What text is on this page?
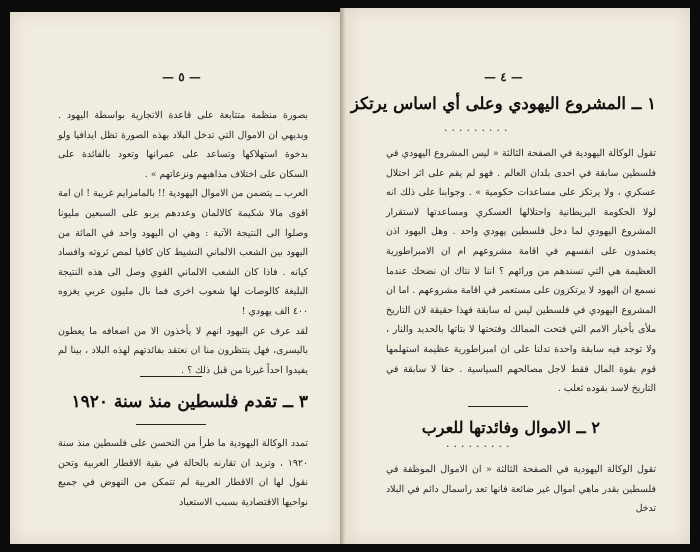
— ٥ —

بصورة منظمة متتابعة على قاعدة الاتجارية بواسطة اليهود . وبديهي ان الاموال التي تدخل البلاد بهذه الصورة تظل ايدافيا ولو بدخوة استهلاكها وتساعد على عمرانها وتعود بالفائدة على السكان على اختلاف مذاهبهم ونزعاتهم » .

العرب ــ يتضمن من الاموال اليهودية !! بالمامزايم غريبة ! ان امة اقوى مالا شكيمة كالالمان وعددهم يربو على السبعين مليونا وصلوا الى النتيجة الآتية : وهي ان اليهود واحد في المائة من اليهود بين الشعب الالماني النشيط كان كافيا لمص ثروته وافساد كيانه . فاذا كان الشعب الالماني القوي وصل الى هذه النتيجة البليغة كالوصات لها شعوب اخرى فما بال مليون عربي يغزوه ٤٠٠ الف يهودي !

لقد عرف عن اليهود انهم لا يأخذون الا من اضعافه ما يعطون باليسرى، فهل ينتظرون منا ان نعتقد بفائدتهم لهذه البلاد ، بينا لم يفيدوا احداً غيرنا من قبل ذلك ؟ .

٣ ــ تقدم فلسطين منذ سنة ١٩٢٠
تمدد الوكالة اليهودية ما طرأ من التحسن على فلسطين منذ سنة ١٩٢٠ ، وتريد ان تقارنه بالحالة في بقية الاقطار العربية وتحن نقول لها ان الاقطار العربية لم تتمكن من النهوض في جميع نواحيها الاقتصادية بسبب الاستعباد
— ٤ —
١ ــ المشروع اليهودي وعلى أي اساس يرتكز
·········
تقول الوكالة اليهودية في الصفحة الثالثة « ليس المشروع اليهودي في فلسطين سابقة في احدى بلدان العالم . فهو لم يقم على اثر احتلال عسكري ، ولا يرتكز على مساعدات حكومية » . وجوابنا على ذلك انه لولا الحكومة البريطانية واحتلالها العسكري ومساعدتها لاستقرار المشروع اليهودي لما دخل فلسطين يهودي واحد . وهل اليهود اذن يعتمدون على انفسهم في اقامة مشروعهم ام ان الامبراطورية العظيمة هي التي تسندهم من ورائهم ؟ اننا لا نتاك ان نضحك عندما نسمع ان اليهود لا يرتكزون على مستعمر في اقامة مشروعهم . اما ان المشروع اليهودي في فلسطين ليس له سابقة فهذا حقيقة لان التاريخ ملأى بأخبار الامم التي فتحت الممالك وفتحتها لا بتاتها بالحديد والنار ، ولا توجد فيه سابقة واحدة تدلنا على ان امبراطورية عظيمة استهلمها قوم بقوة المال فقط لاجل مصالحهم السياسية . حقا لا سابقة في التاريخ لاسد بقوده ثعلب .
٢ ــ الاموال وفائدتها للعرب
·········
تقول الوكالة اليهودية في الصفحة الثالثة « ان الاموال الموظفة في فلسطين بقدر ماهي اموال غير ضائعة فانها تعد راسمال دائم في البلاد تدخل
